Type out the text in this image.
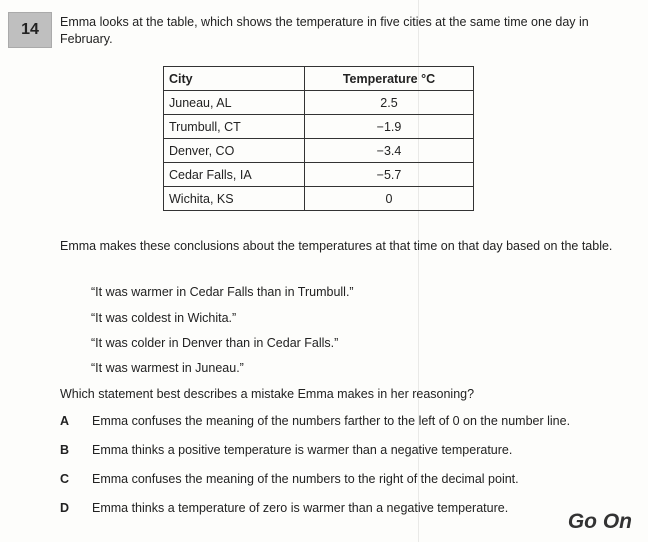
14	Emma looks at the table, which shows the temperature in five cities at the same time one day in February.
City	Temperature °C
Juneau, AL	2.5
Trumbull, CT	−1.9
Denver, CO	−3.4
Cedar Falls, IA	−5.7
Wichita, KS	0
Emma makes these conclusions about the temperatures at that time on that day based on the table.
“It was warmer in Cedar Falls than in Trumbull.”
“It was coldest in Wichita.”
“It was colder in Denver than in Cedar Falls.”
“It was warmest in Juneau.”
Which statement best describes a mistake Emma makes in her reasoning?
A	Emma confuses the meaning of the numbers farther to the left of 0 on the number line.
B	Emma thinks a positive temperature is warmer than a negative temperature.
C	Emma confuses the meaning of the numbers to the right of the decimal point.
D	Emma thinks a temperature of zero is warmer than a negative temperature.
Go On
